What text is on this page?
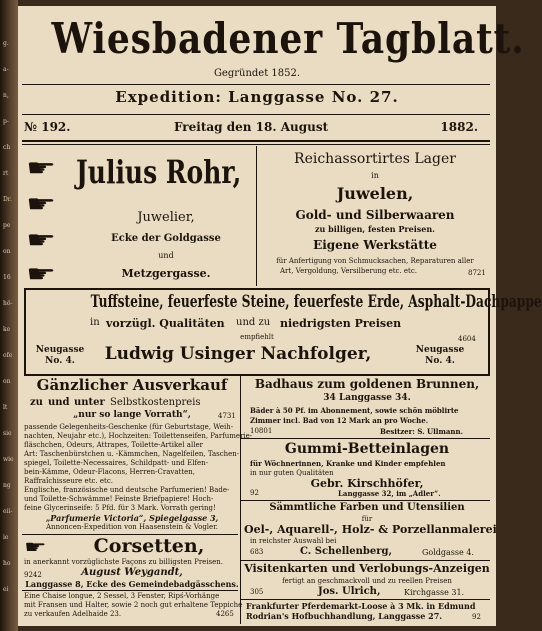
g.
a-
n,
p-
ch
rt
Dr.
pe
on
16
hö-
ke
ofe
on
lt
sie
wie
ng
eii-
ie
ho
ei
Wiesbadener Tagblatt.
Gegründet 1852.
Expedition: Langgasse No. 27.
№ 192.	Freitag den 18. August	1882.
☛
☛
☛
☛
Julius Rohr,
Juwelier,
Ecke der Goldgasse
und
Metzgergasse.
Reichassortirtes Lager
in
Juwelen,
Gold- und Silberwaaren
zu billigen, festen Preisen.
Eigene Werkstätte
für Anfertigung von Schmucksachen, Reparaturen aller
Art, Vergoldung, Versilberung etc. etc.	8721
Tuffsteine, feuerfeste Steine, feuerfeste Erde, Asphalt-Dachpappe
in vorzügl. Qualitäten und zu niedrigsten Preisen
empfiehlt	4604
Neugasse
No. 4.	Ludwig Usinger Nachfolger,	Neugasse
No. 4.
Gänzlicher Ausverkauf
zu und unter Selbstkostenpreis
„nur so lange Vorrath“,	4731
passende Gelegenheits-Geschenke (für Geburtstage, Weih-
nachten, Neujahr etc.), Hochzeiten: Toilettenseifen, Parfumerie-
fläschchen, Odeurs, Attrapes, Toilette-Artikel aller
Art: Taschenbürstchen u. -Kämmchen, Nagelfeilen, Taschen-
spiegel, Toilette-Necessaires, Schildpatt- und Elfen-
bein-Kämme, Odeur-Flacons, Herren-Cravatten,
Raffraîchisseure etc. etc.
Englische, französische und deutsche Parfumerien! Bade-
und Toilette-Schwämme! Feinste Briefpapiere! Hoch-
feine Glycerinseife: 5 Pfd. für 3 Mark. Vorrath gering!
„Parfumerie Victoria“, Spiegelgasse 3,
Annoncen-Expedition von Haasenstein & Vogler.
☛	Corsetten,
in anerkannt vorzüglichste Façons zu billigsten Preisen.
August Weygandt,
9242
Langgasse 8, Ecke des Gemeindebadgässchens.
Eine Chaise longue, 2 Sessel, 3 Fenster, Ripś-Vorhänge
mit Fransen und Halter, sowie 2 noch gut erhaltene Teppiche
zu verkaufen Adelhaide 23.	4265
Badhaus zum goldenen Brunnen,
34 Langgasse 34.
Bäder à 50 Pf. im Abonnement, sowie schön möblirte
Zimmer incl. Bad von 12 Mark an pro Woche.
10801	Besitzer: S. Ullmann.
Gummi-Betteinlagen
für Wöchnerinnen, Kranke und Kinder empfehlen
in nur guten Qualitäten
Gebr. Kirschhöfer,
92	Langgasse 32, im „Adler“.
Sämmtliche Farben und Utensilien
für
Oel-, Aquarell-, Holz- & Porzellanmalerei
in reichster Auswahl bei
683	C. Schellenberg,	Goldgasse 4.
Visitenkarten und Verlobungs-Anzeigen
fertigt an geschmackvoll und zu reellen Preisen
305	Jos. Ulrich,	Kirchgasse 31.
Frankfurter Pferdemarkt-Loose à 3 Mk. in Edmund
Rodrian's Hofbuchhandlung, Langgasse 27.	92
